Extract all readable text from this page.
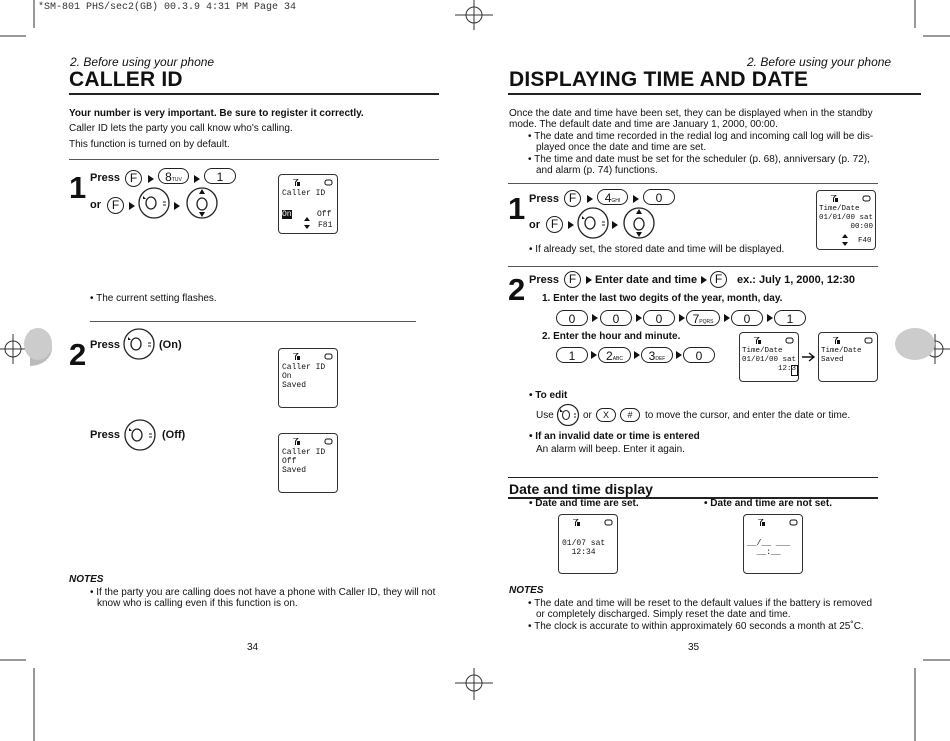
*SM-801 PHS/sec2(GB) 00.3.9 4:31 PM Page 34
2. Before using your phone
CALLER ID
Your number is very important. Be sure to register it correctly.
Caller ID lets the party you call know who's calling.
This function is turned on by default.
1 Press F	8TUV	1
or F
Caller ID
On	Off
F81
• The current setting flashes.
2 Press	(On)
Caller ID
On
Saved
Press	(Off)
Caller ID
Off
Saved
NOTES
• If the party you are calling does not have a phone with Caller ID, they will not
know who is calling even if this function is on.
34
2. Before using your phone
DISPLAYING TIME AND DATE
Once the date and time have been set, they can be displayed when in the standby
mode. The default date and time are January 1, 2000, 00:00.
• The date and time recorded in the redial log and incoming call log will be dis-
played once the date and time are set.
• The time and date must be set for the scheduler (p. 68), anniversary (p. 72),
and alarm (p. 74) functions.
1 Press F	4GHI	0
or F
• If already set, the stored date and time will be displayed.
Time/Date
01/01/00 sat
00:00
F40
2 Press F	Enter date and time	F	ex.: July 1, 2000, 12:30
1. Enter the last two degits of the year, month, day.
0	0	0	7PQRS	0	1
2. Enter the hour and minute.
1	2ABC	3DEF	0	Time/Date
01/01/00 sat
12:3
Time/Date
Saved
• To edit
Use	or	X	#	to move the cursor, and enter the date or time.
• If an invalid date or time is entered
An alarm will beep. Enter it again.
Date and time display
• Date and time are set.	• Date and time are not set.
01/07 sat
12:34
__/__ ___
__:__
NOTES
• The date and time will be reset to the default values if the battery is removed
or completely discharged. Simply reset the date and time.
• The clock is accurate to within approximately 60 seconds a month at 25˚C.
35
